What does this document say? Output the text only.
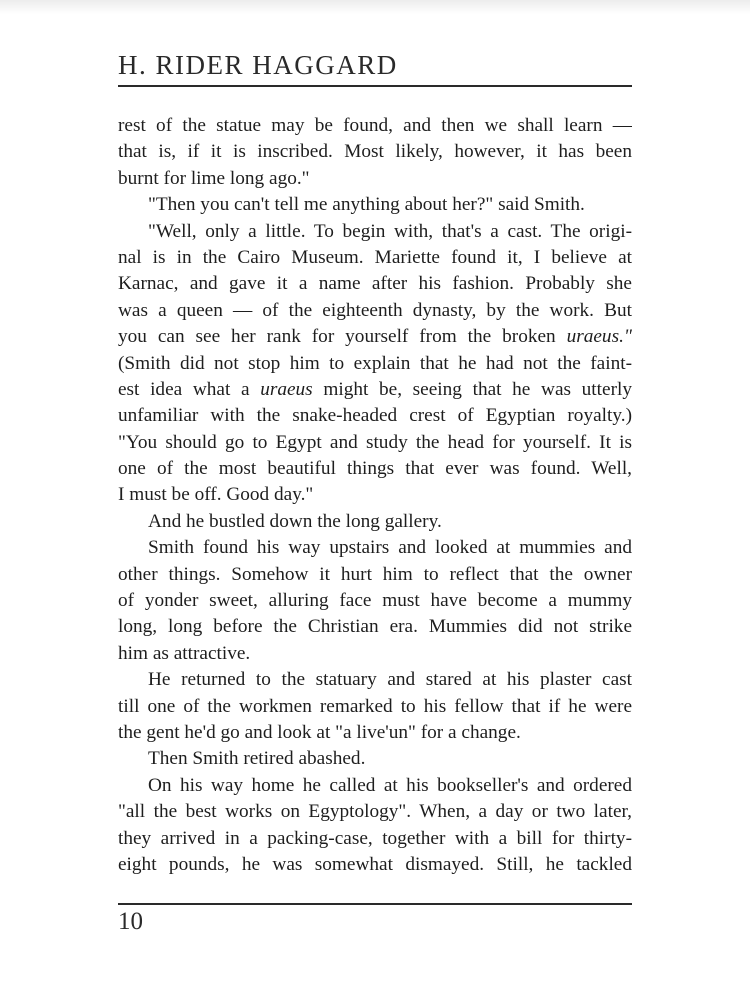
H. RIDER HAGGARD
rest of the statue may be found, and then we shall learn —
that is, if it is inscribed. Most likely, however, it has been
burnt for lime long ago."
"Then you can't tell me anything about her?" said Smith.
"Well, only a little. To begin with, that's a cast. The origi-
nal is in the Cairo Museum. Mariette found it, I believe at
Karnac, and gave it a name after his fashion. Probably she
was a queen — of the eighteenth dynasty, by the work. But
you can see her rank for yourself from the broken uraeus."
(Smith did not stop him to explain that he had not the faint-
est idea what a uraeus might be, seeing that he was utterly
unfamiliar with the snake-headed crest of Egyptian royalty.)
"You should go to Egypt and study the head for yourself. It is
one of the most beautiful things that ever was found. Well,
I must be off. Good day."
And he bustled down the long gallery.
Smith found his way upstairs and looked at mummies and
other things. Somehow it hurt him to reflect that the owner
of yonder sweet, alluring face must have become a mummy
long, long before the Christian era. Mummies did not strike
him as attractive.
He returned to the statuary and stared at his plaster cast
till one of the workmen remarked to his fellow that if he were
the gent he'd go and look at "a live'un" for a change.
Then Smith retired abashed.
On his way home he called at his bookseller's and ordered
"all the best works on Egyptology". When, a day or two later,
they arrived in a packing-case, together with a bill for thirty-
eight pounds, he was somewhat dismayed. Still, he tackled
10
